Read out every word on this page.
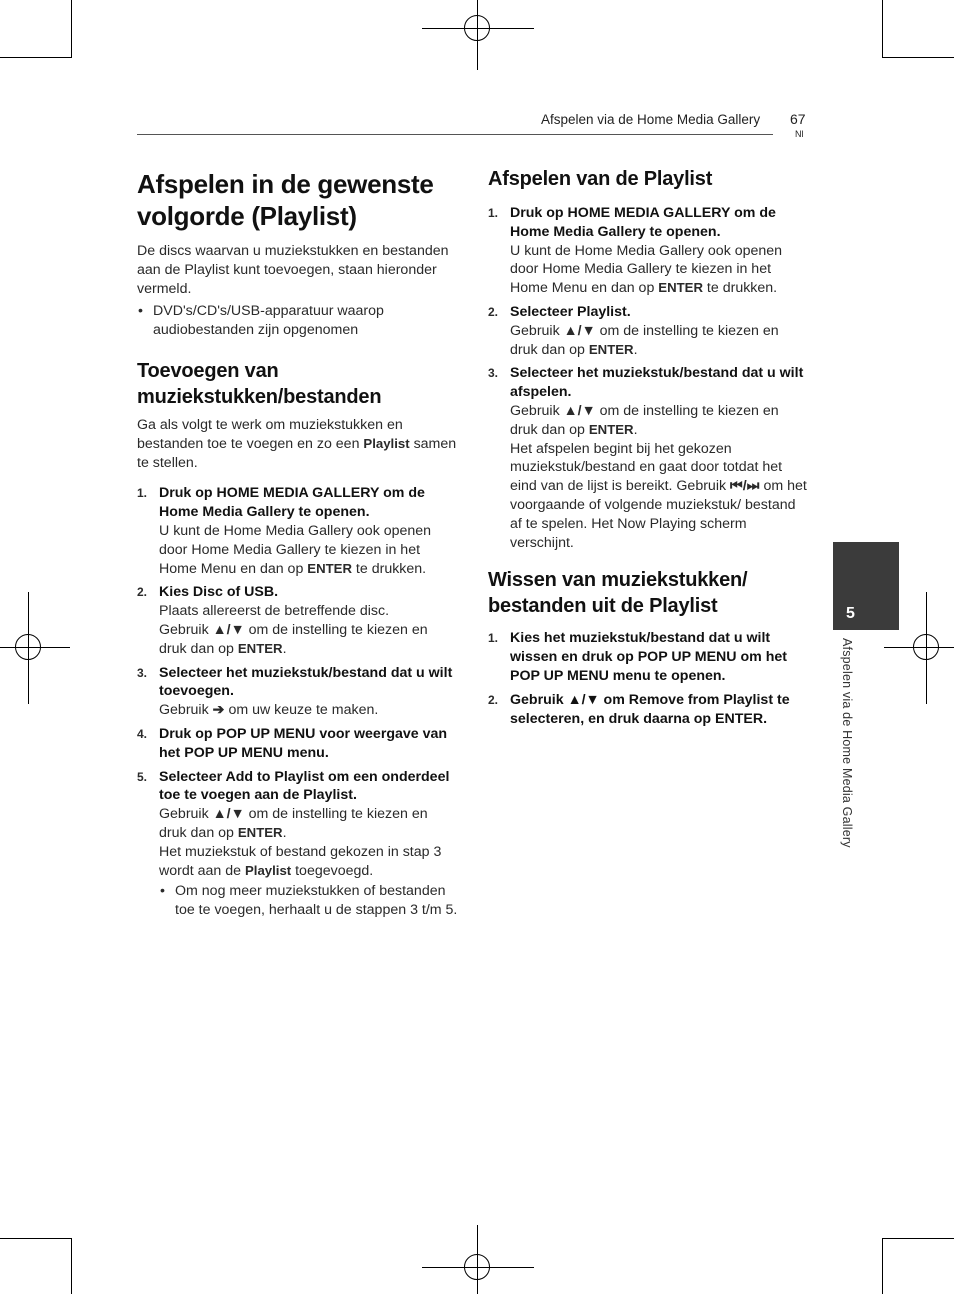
Afspelen via de Home Media Gallery 67
Nl
5
Afspelen via de Home Media Gallery
Afspelen in de gewenste volgorde (Playlist)

De discs waarvan u muziekstukken en bestanden aan de Playlist kunt toevoegen, staan hieronder vermeld.

• DVD's/CD's/USB-apparatuur waarop audiobestanden zijn opgenomen
Toevoegen van muziekstukken/bestanden

Ga als volgt te werk om muziekstukken en bestanden toe te voegen en zo een Playlist samen te stellen.

1. Druk op HOME MEDIA GALLERY om de Home Media Gallery te openen.
U kunt de Home Media Gallery ook openen door Home Media Gallery te kiezen in het Home Menu en dan op ENTER te drukken.
2. Kies Disc of USB.
Plaats allereerst de betreffende disc.
Gebruik ▲/▼ om de instelling te kiezen en druk dan op ENTER.
3. Selecteer het muziekstuk/bestand dat u wilt toevoegen.
Gebruik ➔ om uw keuze te maken.
4. Druk op POP UP MENU voor weergave van het POP UP MENU menu.
5. Selecteer Add to Playlist om een onderdeel toe te voegen aan de Playlist.
Gebruik ▲/▼ om de instelling te kiezen en druk dan op ENTER.
Het muziekstuk of bestand gekozen in stap 3 wordt aan de Playlist toegevoegd.
• Om nog meer muziekstukken of bestanden toe te voegen, herhaalt u de stappen 3 t/m 5.
Afspelen van de Playlist
1. Druk op HOME MEDIA GALLERY om de Home Media Gallery te openen.
U kunt de Home Media Gallery ook openen door Home Media Gallery te kiezen in het Home Menu en dan op ENTER te drukken.
2. Selecteer Playlist.
Gebruik ▲/▼ om de instelling te kiezen en druk dan op ENTER.
3. Selecteer het muziekstuk/bestand dat u wilt afspelen.
Gebruik ▲/▼ om de instelling te kiezen en druk dan op ENTER.
Het afspelen begint bij het gekozen muziekstuk/bestand en gaat door totdat het eind van de lijst is bereikt. Gebruik ⏮/⏭ om het voorgaande of volgende muziekstuk/ bestand af te spelen. Het Now Playing scherm verschijnt.
Wissen van muziekstukken/ bestanden uit de Playlist
1. Kies het muziekstuk/bestand dat u wilt wissen en druk op POP UP MENU om het POP UP MENU menu te openen.
2. Gebruik ▲/▼ om Remove from Playlist te selecteren, en druk daarna op ENTER.
